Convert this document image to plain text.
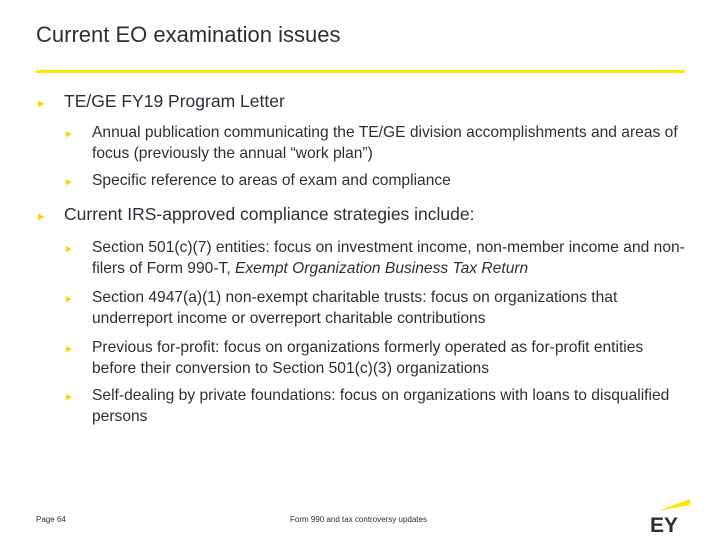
Current EO examination issues
► TE/GE FY19 Program Letter
► Annual publication communicating the TE/GE division accomplishments and areas of focus (previously the annual “work plan”)
► Specific reference to areas of exam and compliance
► Current IRS-approved compliance strategies include:
► Section 501(c)(7) entities: focus on investment income, non-member income and non-filers of Form 990-T, Exempt Organization Business Tax Return
► Section 4947(a)(1) non-exempt charitable trusts: focus on organizations that underreport income or overreport charitable contributions
► Previous for-profit: focus on organizations formerly operated as for-profit entities before their conversion to Section 501(c)(3) organizations
► Self-dealing by private foundations: focus on organizations with loans to disqualified persons
Page 64	Form 990 and tax controversy updates	EY
